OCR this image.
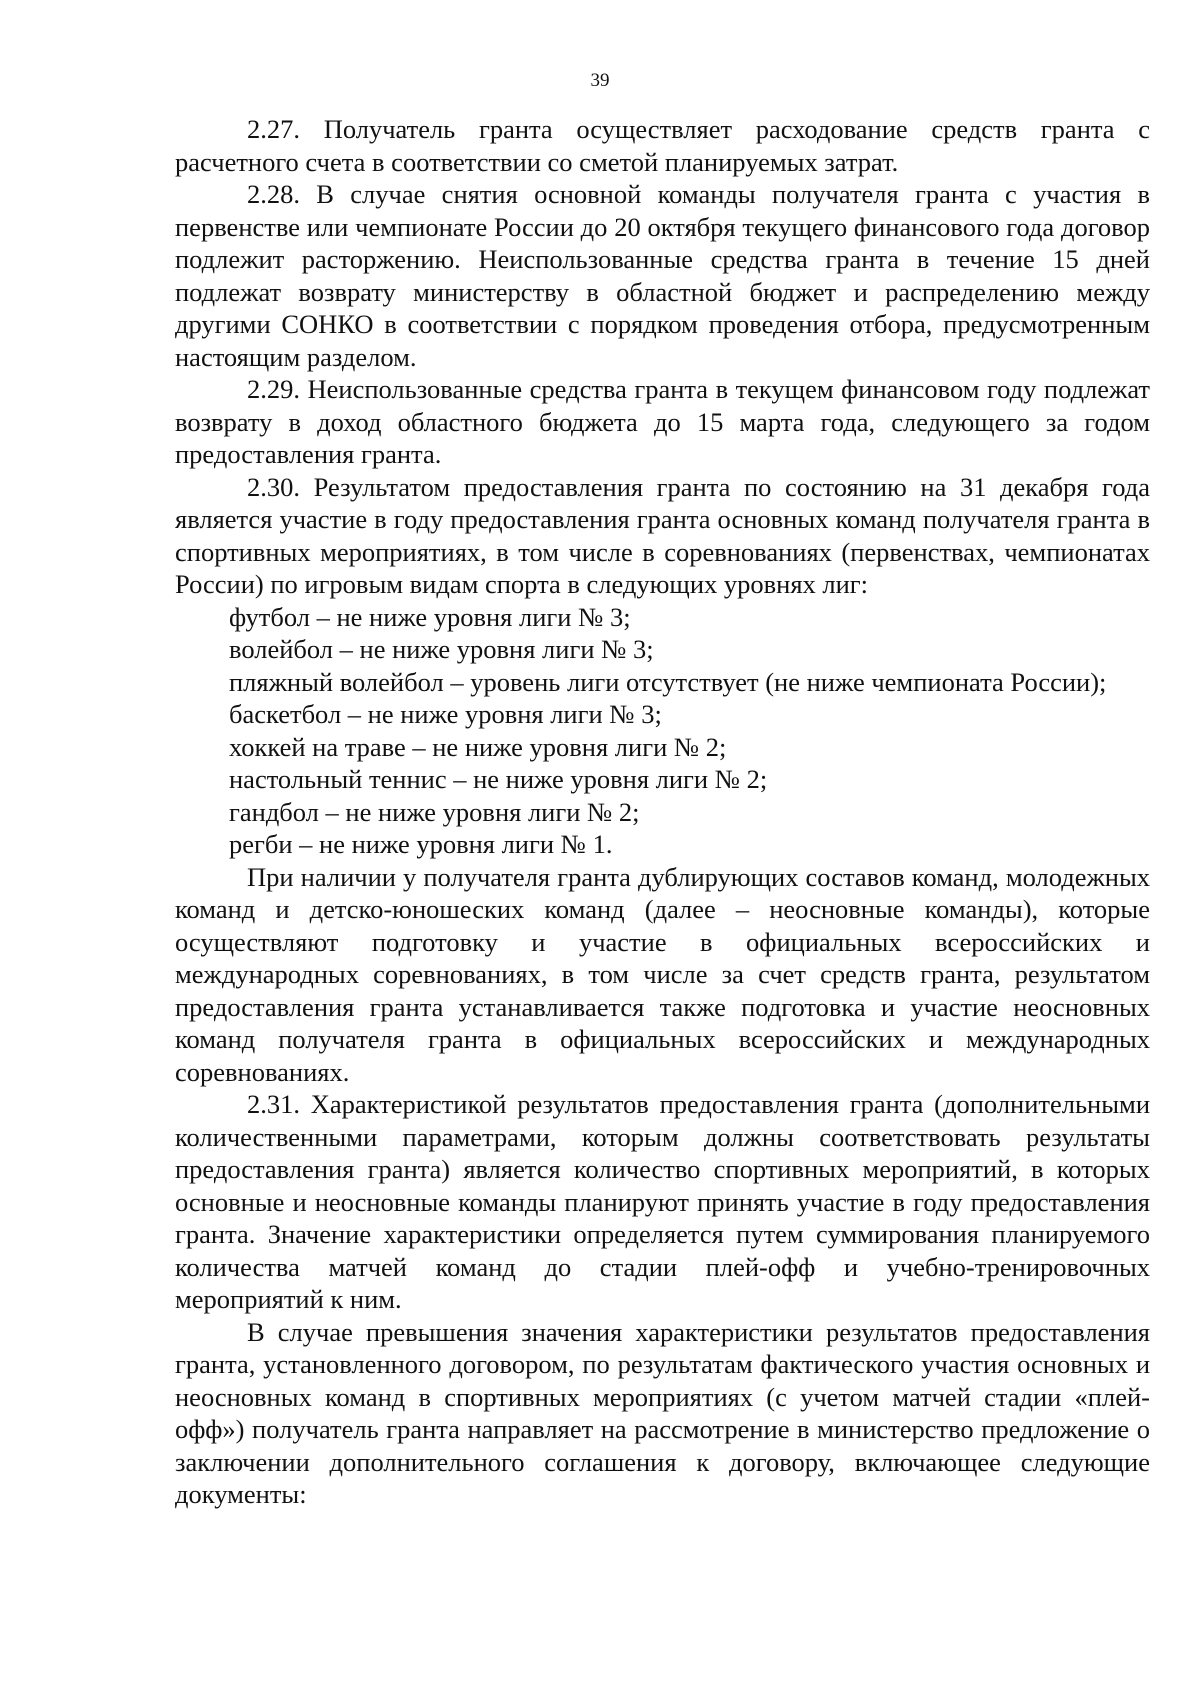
39

2.27. Получатель гранта осуществляет расходование средств гранта с расчетного счета в соответствии со сметой планируемых затрат.

2.28. В случае снятия основной команды получателя гранта с участия в первенстве или чемпионате России до 20 октября текущего финансового года договор подлежит расторжению. Неиспользованные средства гранта в течение 15 дней подлежат возврату министерству в областной бюджет и распределению между другими СОНКО в соответствии с порядком проведения отбора, предусмотренным настоящим разделом.

2.29. Неиспользованные средства гранта в текущем финансовом году подлежат возврату в доход областного бюджета до 15 марта года, следующего за годом предоставления гранта.

2.30. Результатом предоставления гранта по состоянию на 31 декабря года является участие в году предоставления гранта основных команд получателя гранта в спортивных мероприятиях, в том числе в соревнованиях (первенствах, чемпионатах России) по игровым видам спорта в следующих уровнях лиг:

футбол – не ниже уровня лиги № 3;

волейбол – не ниже уровня лиги № 3;

пляжный волейбол – уровень лиги отсутствует (не ниже чемпионата России);

баскетбол – не ниже уровня лиги № 3;

хоккей на траве – не ниже уровня лиги № 2;

настольный теннис – не ниже уровня лиги № 2;

гандбол – не ниже уровня лиги № 2;

регби – не ниже уровня лиги № 1.

При наличии у получателя гранта дублирующих составов команд, молодежных команд и детско-юношеских команд (далее – неосновные команды), которые осуществляют подготовку и участие в официальных всероссийских и международных соревнованиях, в том числе за счет средств гранта, результатом предоставления гранта устанавливается также подготовка и участие неосновных команд получателя гранта в официальных всероссийских и международных соревнованиях.

2.31. Характеристикой результатов предоставления гранта (дополнительными количественными параметрами, которым должны соответствовать результаты предоставления гранта) является количество спортивных мероприятий, в которых основные и неосновные команды планируют принять участие в году предоставления гранта. Значение характеристики определяется путем суммирования планируемого количества матчей команд до стадии плей-офф и учебно-тренировочных мероприятий к ним.

В случае превышения значения характеристики результатов предоставления гранта, установленного договором, по результатам фактического участия основных и неосновных команд в спортивных мероприятиях (с учетом матчей стадии «плей-офф») получатель гранта направляет на рассмотрение в министерство предложение о заключении дополнительного соглашения к договору, включающее следующие документы:
